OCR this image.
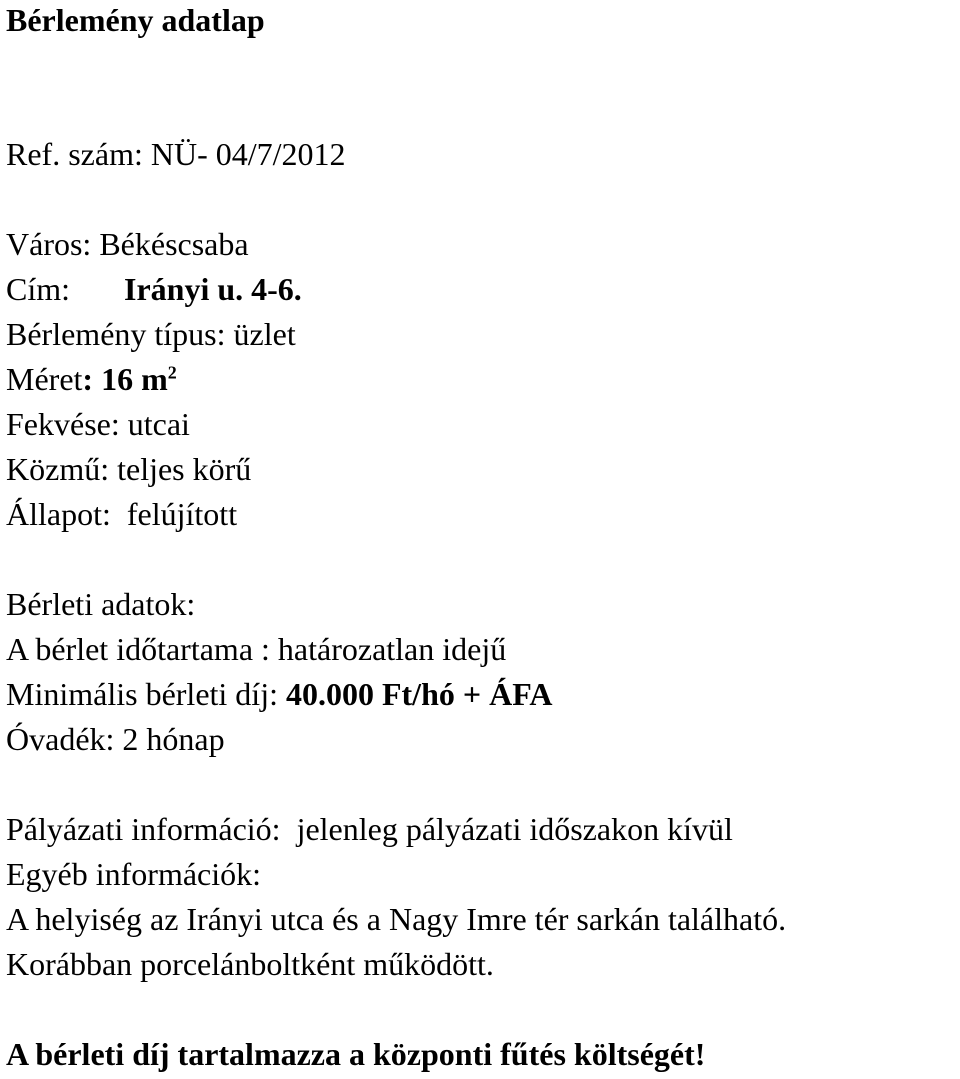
Bérlemény adatlap
Ref. szám: NÜ- 04/7/2012
Város: Békéscsaba
Cím: Irányi u. 4-6.
Bérlemény típus: üzlet
Méret: 16 $m^2$
Fekvése: utcai
Közmű: teljes körű
Állapot: felújított
Bérleti adatok:
A bérlet időtartama : határozatlan idejű
Minimális bérleti díj: 40.000 Ft/hó + ÁFA
Óvadék: 2 hónap
Pályázati információ: jelenleg pályázati időszakon kívül
Egyéb információk:
A helyiség az Irányi utca és a Nagy Imre tér sarkán található.
Korábban porcelánboltként működött.
A bérleti díj tartalmazza a központi fűtés költségét!
